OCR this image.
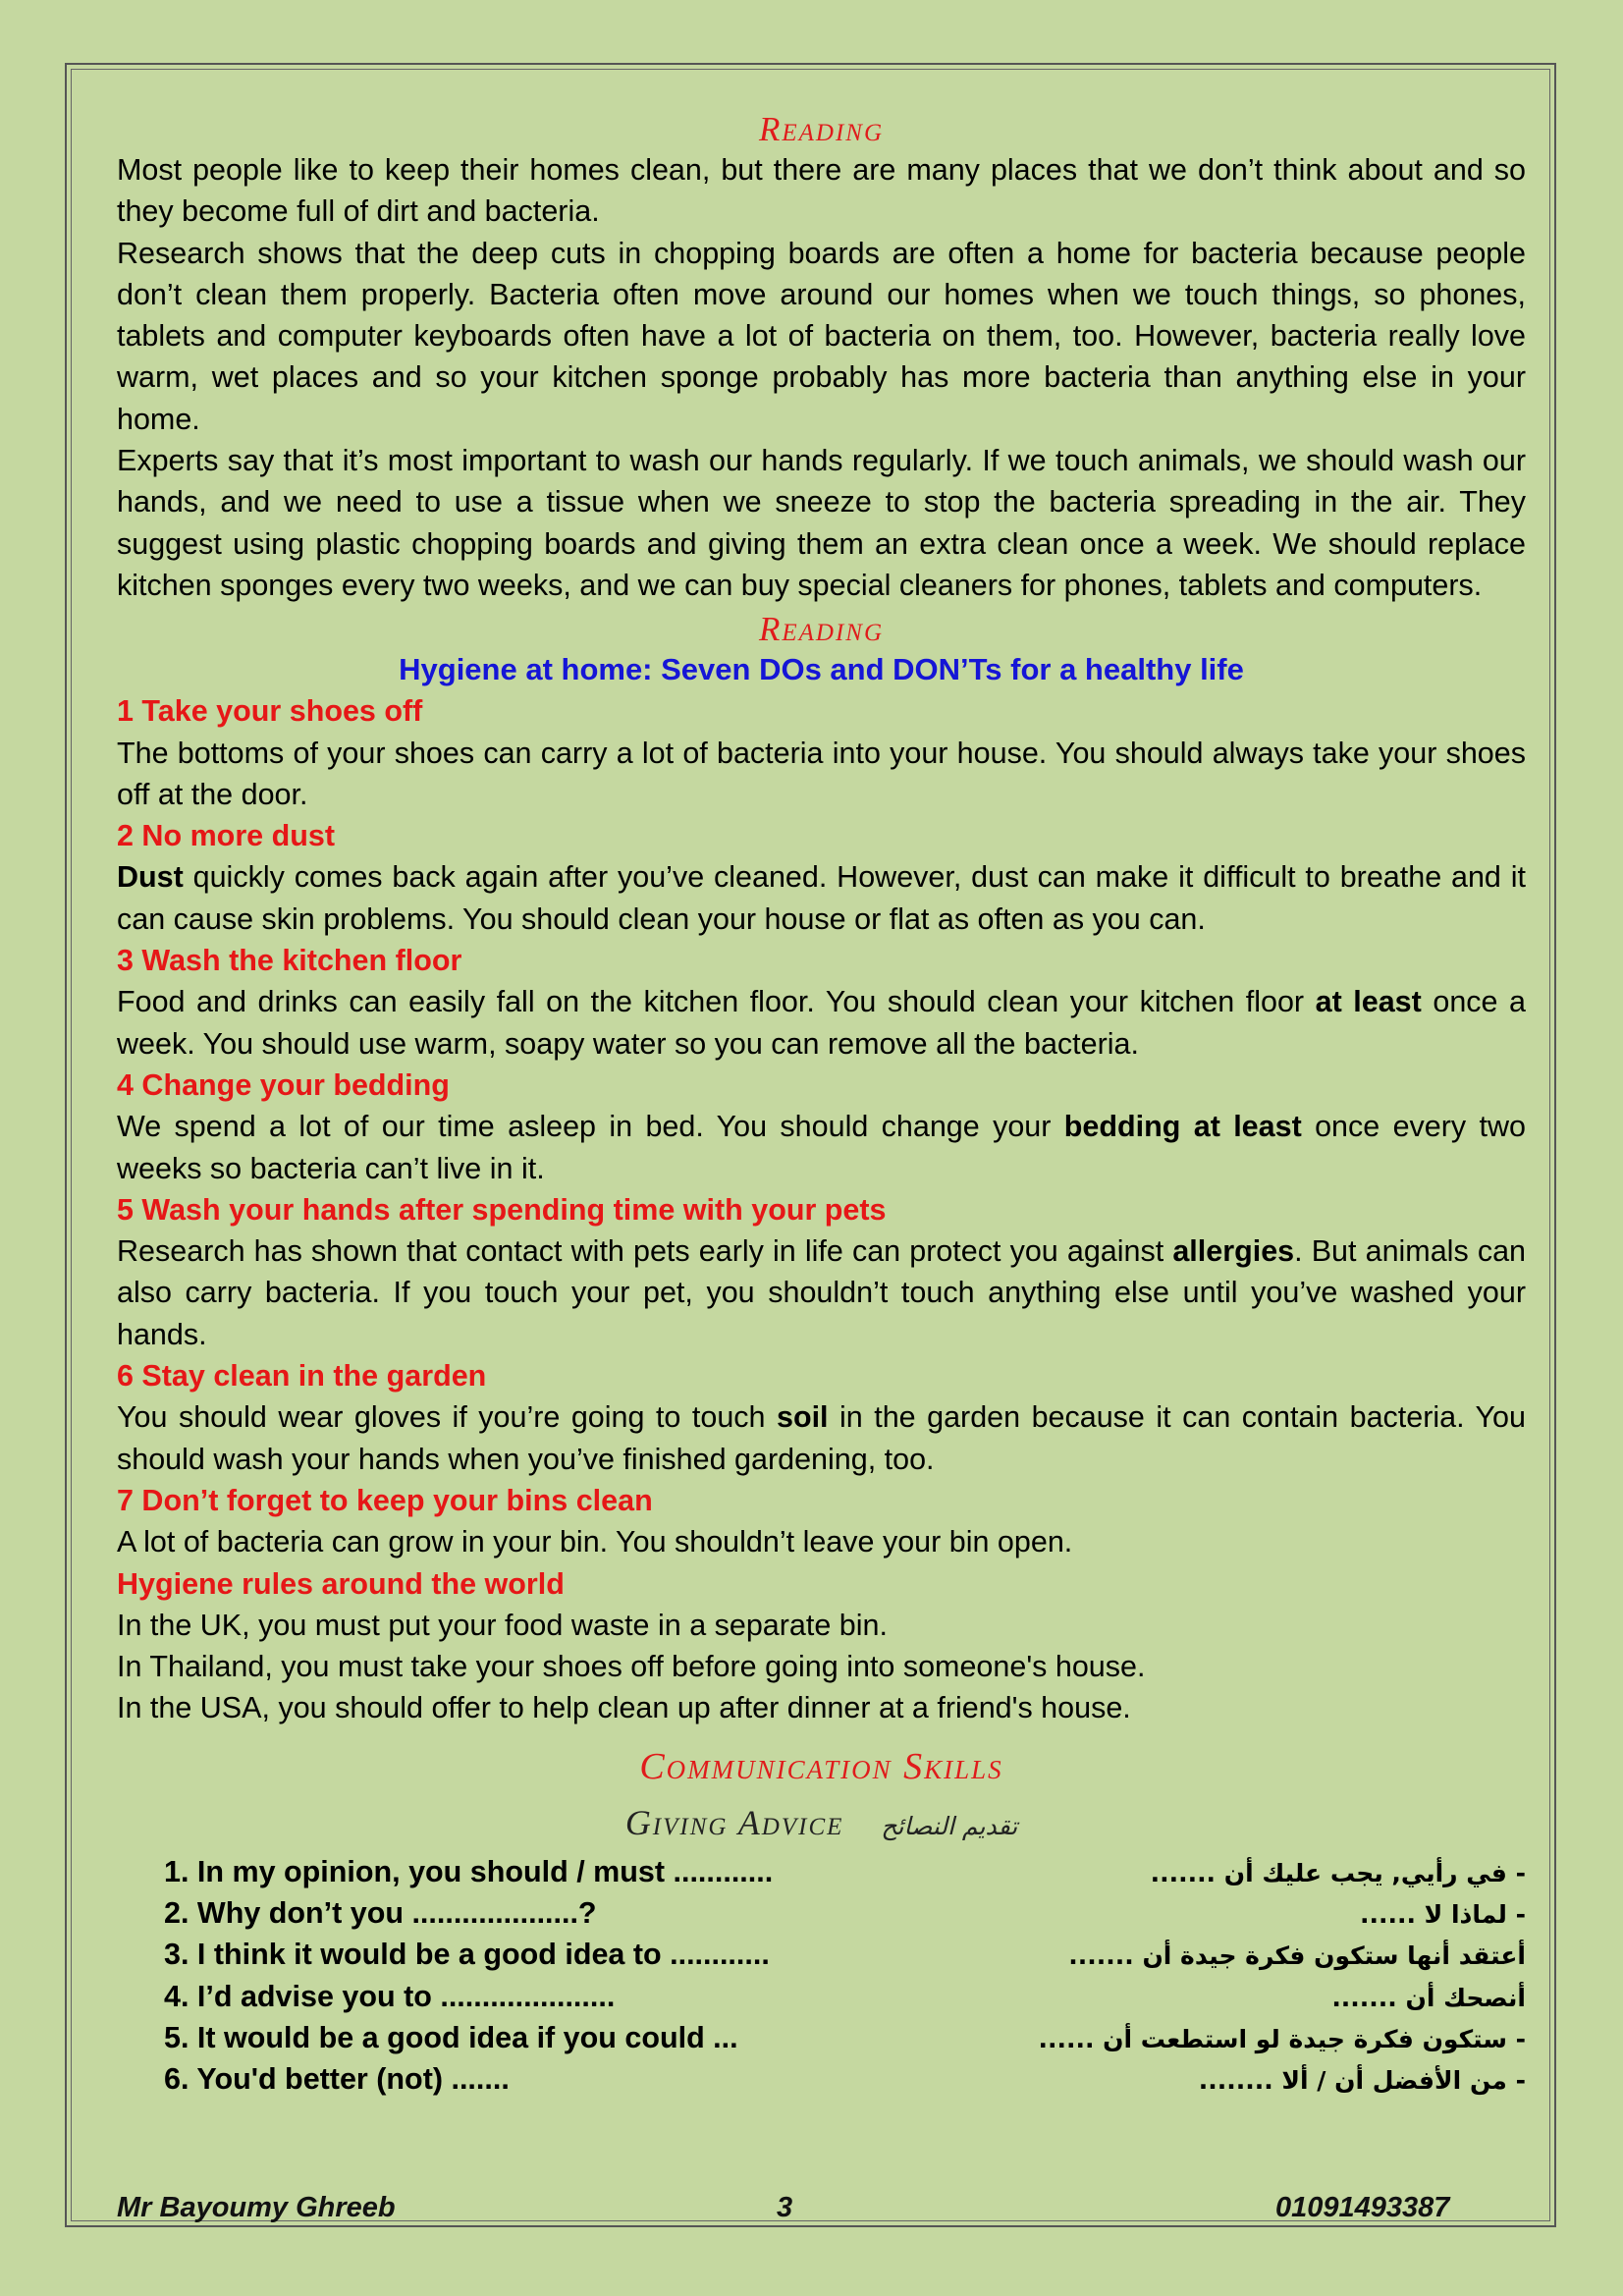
Reading

Most people like to keep their homes clean, but there are many places that we don’t think about and so they become full of dirt and bacteria.

Research shows that the deep cuts in chopping boards are often a home for bacteria because people don’t clean them properly. Bacteria often move around our homes when we touch things, so phones, tablets and computer keyboards often have a lot of bacteria on them, too. However, bacteria really love warm, wet places and so your kitchen sponge probably has more bacteria than anything else in your home.

Experts say that it’s most important to wash our hands regularly. If we touch animals, we should wash our hands, and we need to use a tissue when we sneeze to stop the bacteria spreading in the air. They suggest using plastic chopping boards and giving them an extra clean once a week. We should replace kitchen sponges every two weeks, and we can buy special cleaners for phones, tablets and computers.

Reading
Hygiene at home: Seven DOs and DON’Ts for a healthy life
1 Take your shoes off

The bottoms of your shoes can carry a lot of bacteria into your house. You should always take your shoes off at the door.

2 No more dust

Dust quickly comes back again after you’ve cleaned. However, dust can make it difficult to breathe and it can cause skin problems. You should clean your house or flat as often as you can.

3 Wash the kitchen floor

Food and drinks can easily fall on the kitchen floor. You should clean your kitchen floor at least once a week. You should use warm, soapy water so you can remove all the bacteria.

4 Change your bedding

We spend a lot of our time asleep in bed. You should change your bedding at least once every two weeks so bacteria can’t live in it.

5 Wash your hands after spending time with your pets

Research has shown that contact with pets early in life can protect you against allergies. But animals can also carry bacteria. If you touch your pet, you shouldn’t touch anything else until you’ve washed your hands.

6 Stay clean in the garden

You should wear gloves if you’re going to touch soil in the garden because it can contain bacteria. You should wash your hands when you’ve finished gardening, too.

7 Don’t forget to keep your bins clean

A lot of bacteria can grow in your bin. You shouldn’t leave your bin open.

Hygiene rules around the world

In the UK, you must put your food waste in a separate bin.

In Thailand, you must take your shoes off before going into someone's house.

In the USA, you should offer to help clean up after dinner at a friend's house.

Communication Skills
Giving Advice تقديم النصائح
1. In my opinion, you should / must ............	- في رأيي, يجب عليك أن .......
2. Why don’t you ....................?	- لماذا لا ......
3. I think it would be a good idea to ............	أعتقد أنها ستكون فكرة جيدة أن .......
4. I’d advise you to .....................	أنصحك أن .......
5. It would be a good idea if you could ...	- ستكون فكرة جيدة لو استطعت أن ......
6. You'd better (not) .......	- من الأفضل أن / ألا ........
Mr Bayoumy Ghreeb	3	01091493387
